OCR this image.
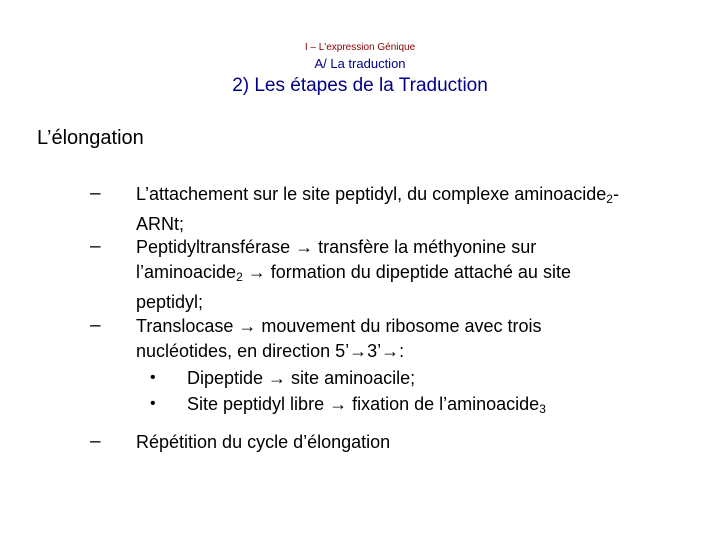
I – L'expression Génique
A/ La traduction
2) Les étapes de la Traduction
L’élongation
– L’attachement sur le site peptidyl, du complexe aminoacide$_2$-
ARNt;
– Peptidyltransférase → transfère la méthyonine sur
l’aminoacide$_2$ → formation du dipeptide attaché au site
peptidyl;
– Translocase → mouvement du ribosome avec trois
nucléotides, en direction 5’→3’→:
• Dipeptide → site aminoacile;
• Site peptidyl libre → fixation de l’aminoacide$_3$
– Répétition du cycle d’élongation
